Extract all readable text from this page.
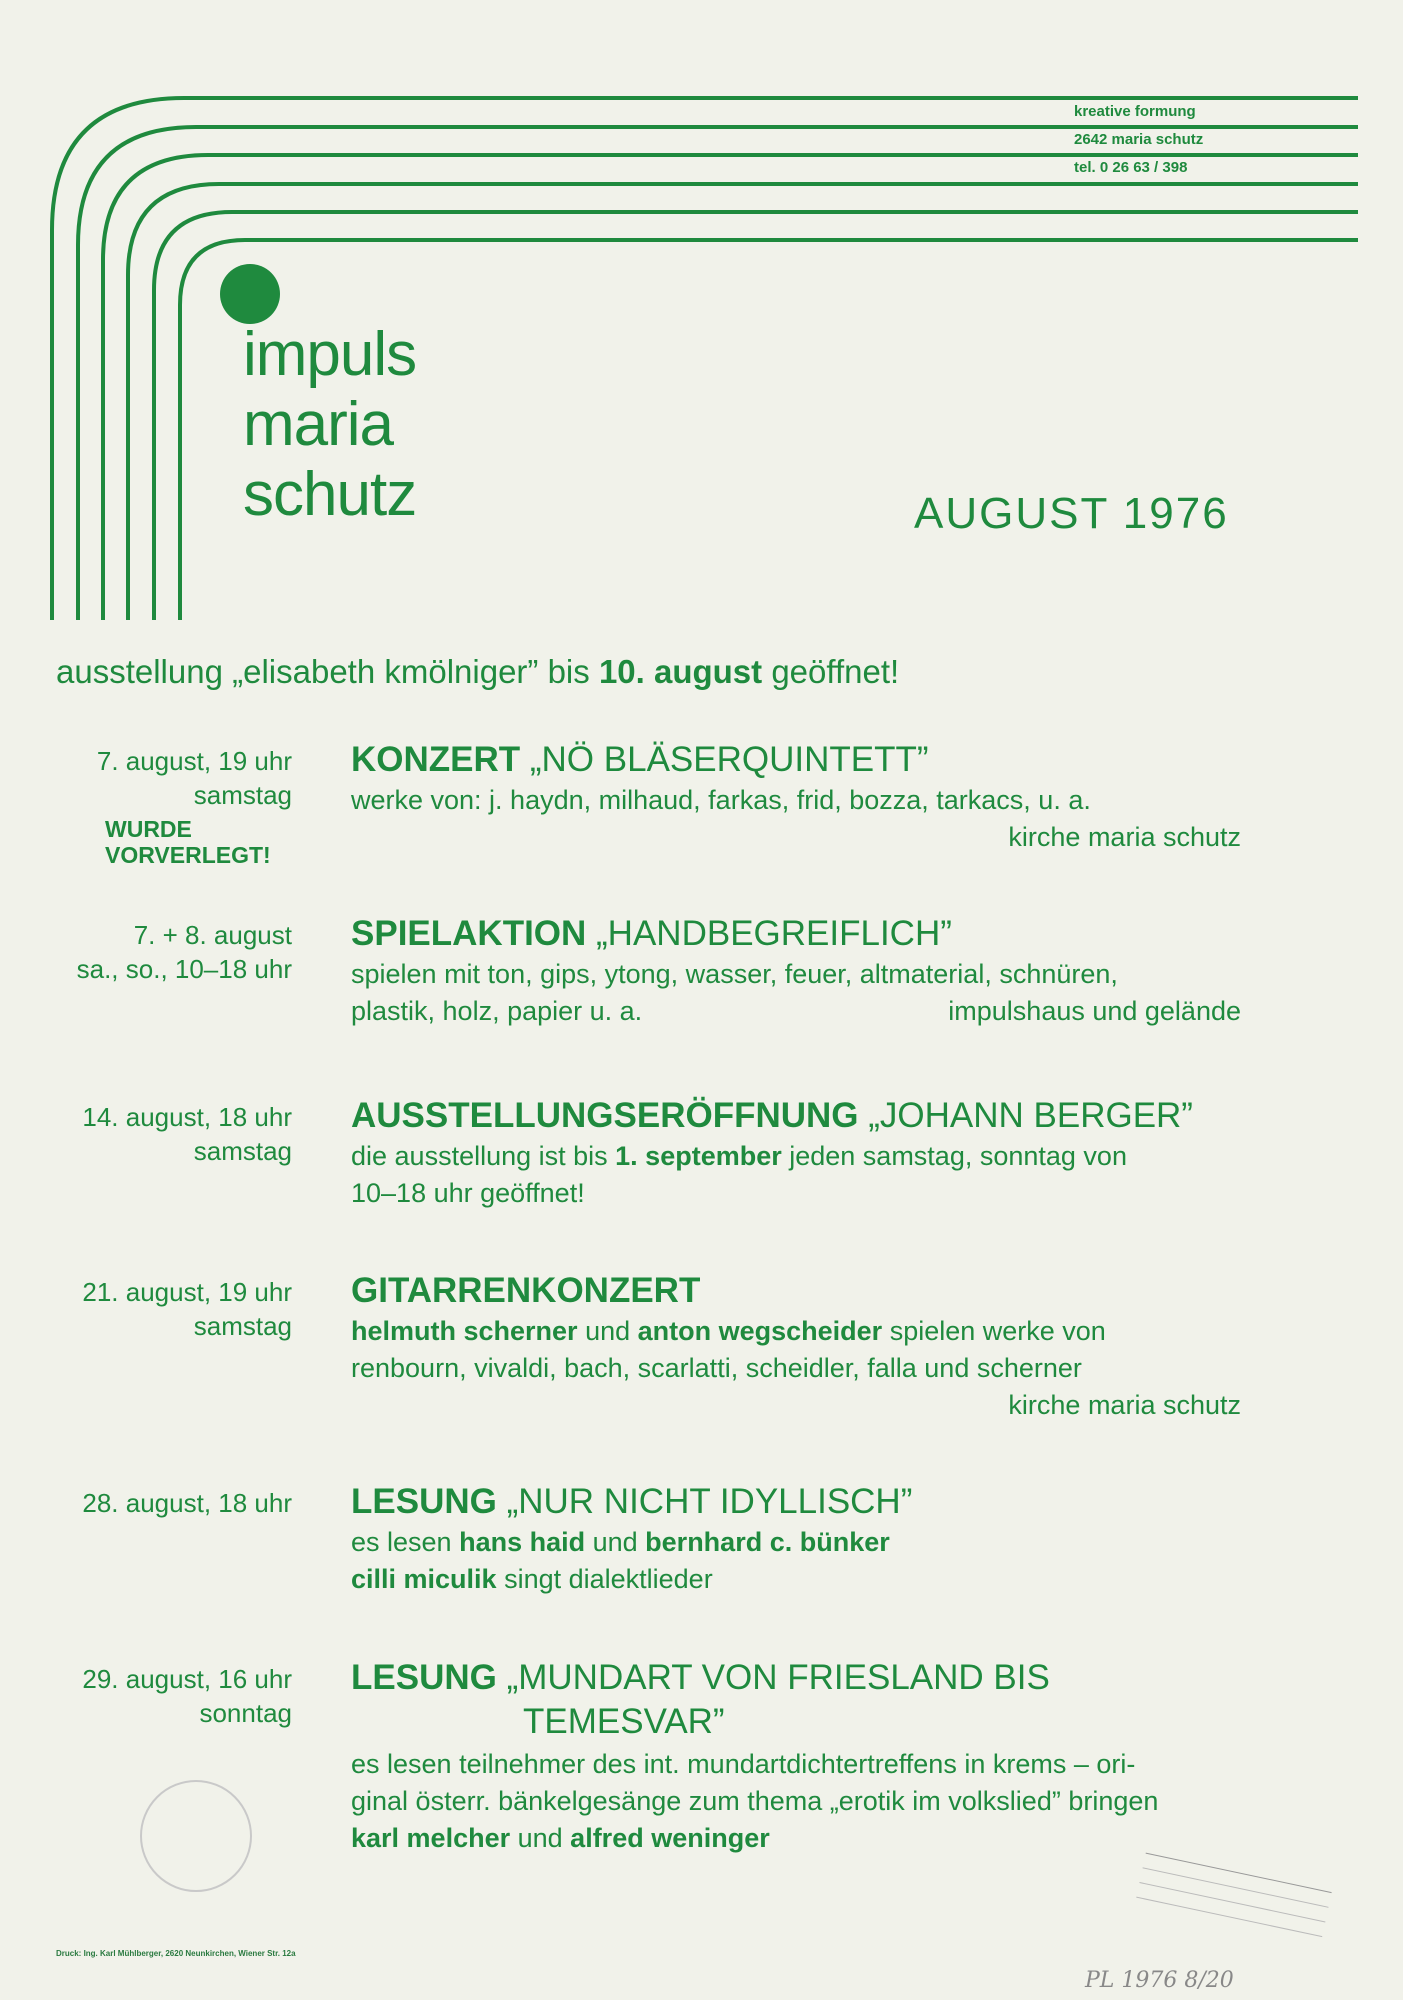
kreative formung
2642 maria schutz
tel. 0 26 63 / 398
impuls
maria
schutz	AUGUST 1976
ausstellung „elisabeth kmölniger” bis 10. august geöffnet!
7. august, 19 uhr
samstag
WURDE
VORVERLEGT!
KONZERT „NÖ BLÄSERQUINTETT”
werke von: j. haydn, milhaud, farkas, frid, bozza, tarkacs, u. a.
kirche maria schutz
7. + 8. august
sa., so., 10–18 uhr
SPIELAKTION „HANDBEGREIFLICH”
spielen mit ton, gips, ytong, wasser, feuer, altmaterial, schnüren,
plastik, holz, papier u. a.	impulshaus und gelände
14. august, 18 uhr
samstag
AUSSTELLUNGSERÖFFNUNG „JOHANN BERGER”
die ausstellung ist bis 1. september jeden samstag, sonntag von
10–18 uhr geöffnet!
21. august, 19 uhr
samstag
GITARRENKONZERT
helmuth scherner und anton wegscheider spielen werke von
renbourn, vivaldi, bach, scarlatti, scheidler, falla und scherner
kirche maria schutz
28. august, 18 uhr LESUNG „NUR NICHT IDYLLISCH”
es lesen hans haid und bernhard c. bünker
cilli miculik singt dialektlieder
29. august, 16 uhr
sonntag
LESUNG „MUNDART VON FRIESLAND BIS
TEMESVAR”
es lesen teilnehmer des int. mundartdichtertreffens in krems – ori-
ginal österr. bänkelgesänge zum thema „erotik im volkslied” bringen
karl melcher und alfred weninger
Druck: Ing. Karl Mühlberger, 2620 Neunkirchen, Wiener Str. 12a
PL 1976 8/20
